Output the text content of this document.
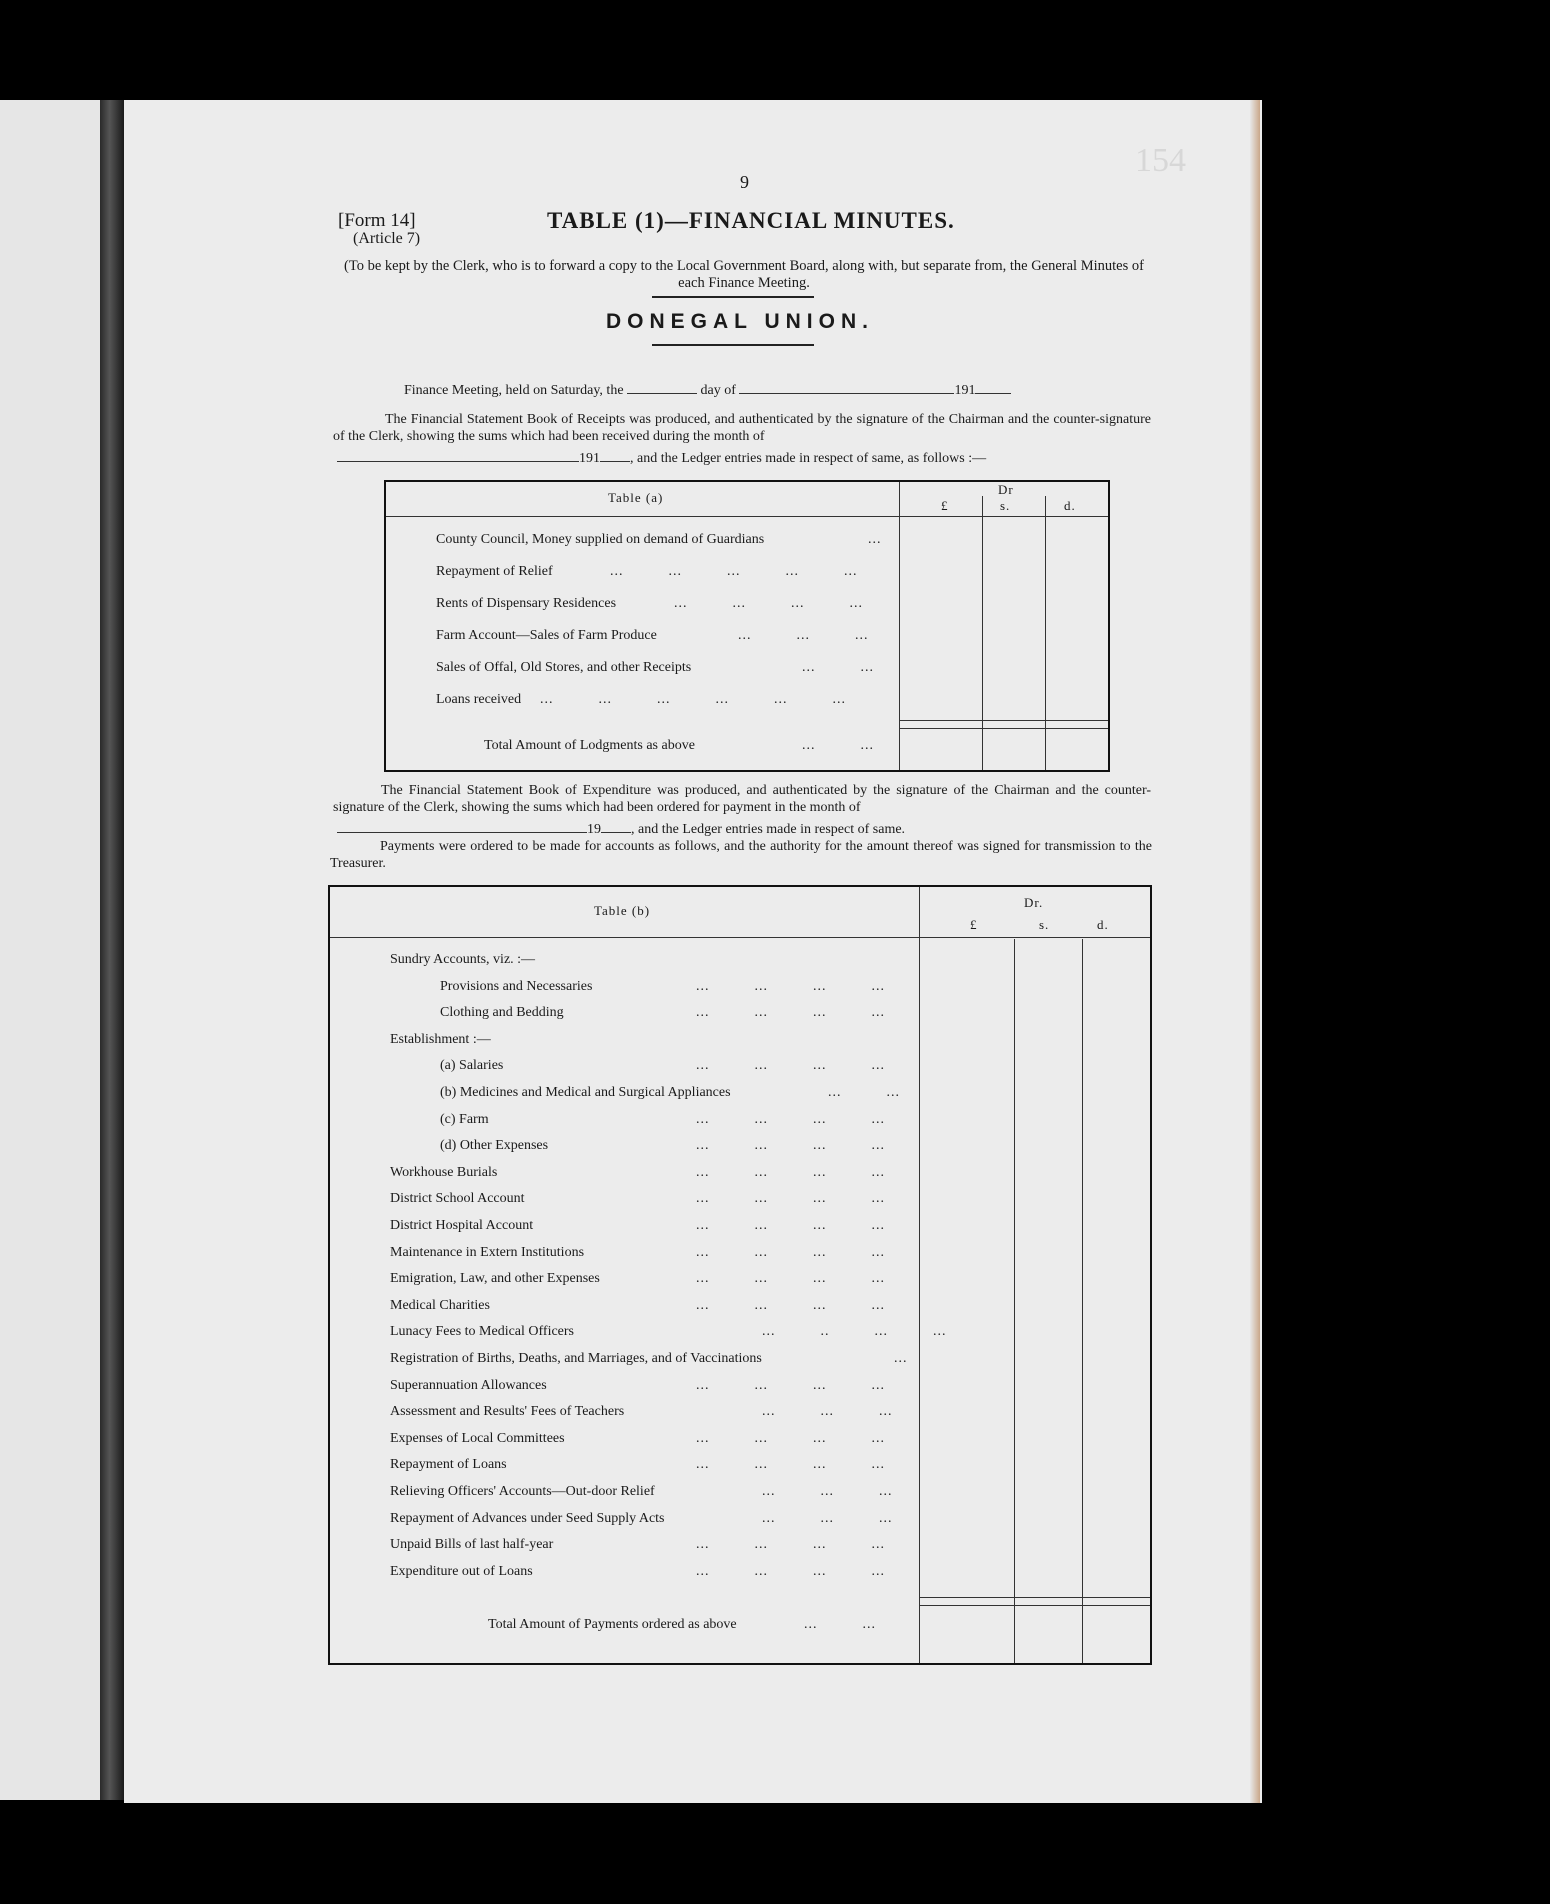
9
154
[Form 14]
(Article 7)
TABLE (1)—FINANCIAL MINUTES.
(To be kept by the Clerk, who is to forward a copy to the Local Government Board, along with, but separate from, the General Minutes of each Finance Meeting.
DONEGAL UNION.
Finance Meeting, held on Saturday, the	day of	191
The Financial Statement Book of Receipts was produced, and authenticated by the signature of the Chairman and the counter-signature of the Clerk, showing the sums which had been received during the month of
191 , and the Ledger entries made in respect of same, as follows :—
Table (a)
Dr
£	s.	d.
County Council, Money supplied on demand of Guardians	...
Repayment of Relief	...          ...          ...          ...          ...
Rents of Dispensary Residences	...          ...          ...          ...
Farm Account—Sales of Farm Produce	...          ...          ...
Sales of Offal, Old Stores, and other Receipts	...          ...
Loans received ...          ...          ...          ...          ...          ...
Total Amount of Lodgments as above	...          ...
The Financial Statement Book of Expenditure was produced, and authenticated by the signature of the Chairman and the counter-signature of the Clerk, showing the sums which had been ordered for payment in the month of
19 , and the Ledger entries made in respect of same.
Payments were ordered to be made for accounts as follows, and the authority for the amount thereof was signed for transmission to the Treasurer.
Table (b)
Dr.
£	s.	d.
Sundry Accounts, viz. :—
Provisions and Necessaries	...          ...          ...          ...
Clothing and Bedding	...          ...          ...          ...
Establishment :—
(a) Salaries	...          ...          ...          ...
(b) Medicines and Medical and Surgical Appliances	...          ...
(c) Farm	...          ...          ...          ...
(d) Other Expenses	...          ...          ...          ...
Workhouse Burials	...          ...          ...          ...
District School Account	...          ...          ...          ...
District Hospital Account	...          ...          ...          ...
Maintenance in Extern Institutions	...          ...          ...          ...
Emigration, Law, and other Expenses	...          ...          ...          ...
Medical Charities	...          ...          ...          ...
Lunacy Fees to Medical Officers	...          ..          ...          ...
Registration of Births, Deaths, and Marriages, and of Vaccinations	...
Superannuation Allowances	...          ...          ...          ...
Assessment and Results' Fees of Teachers	...          ...          ...
Expenses of Local Committees	...          ...          ...          ...
Repayment of Loans	...          ...          ...          ...
Relieving Officers' Accounts—Out-door Relief	...          ...          ...
Repayment of Advances under Seed Supply Acts	...          ...          ...
Unpaid Bills of last half-year	...          ...          ...          ...
Expenditure out of Loans	...          ...          ...          ...
Total Amount of Payments ordered as above	...          ...
